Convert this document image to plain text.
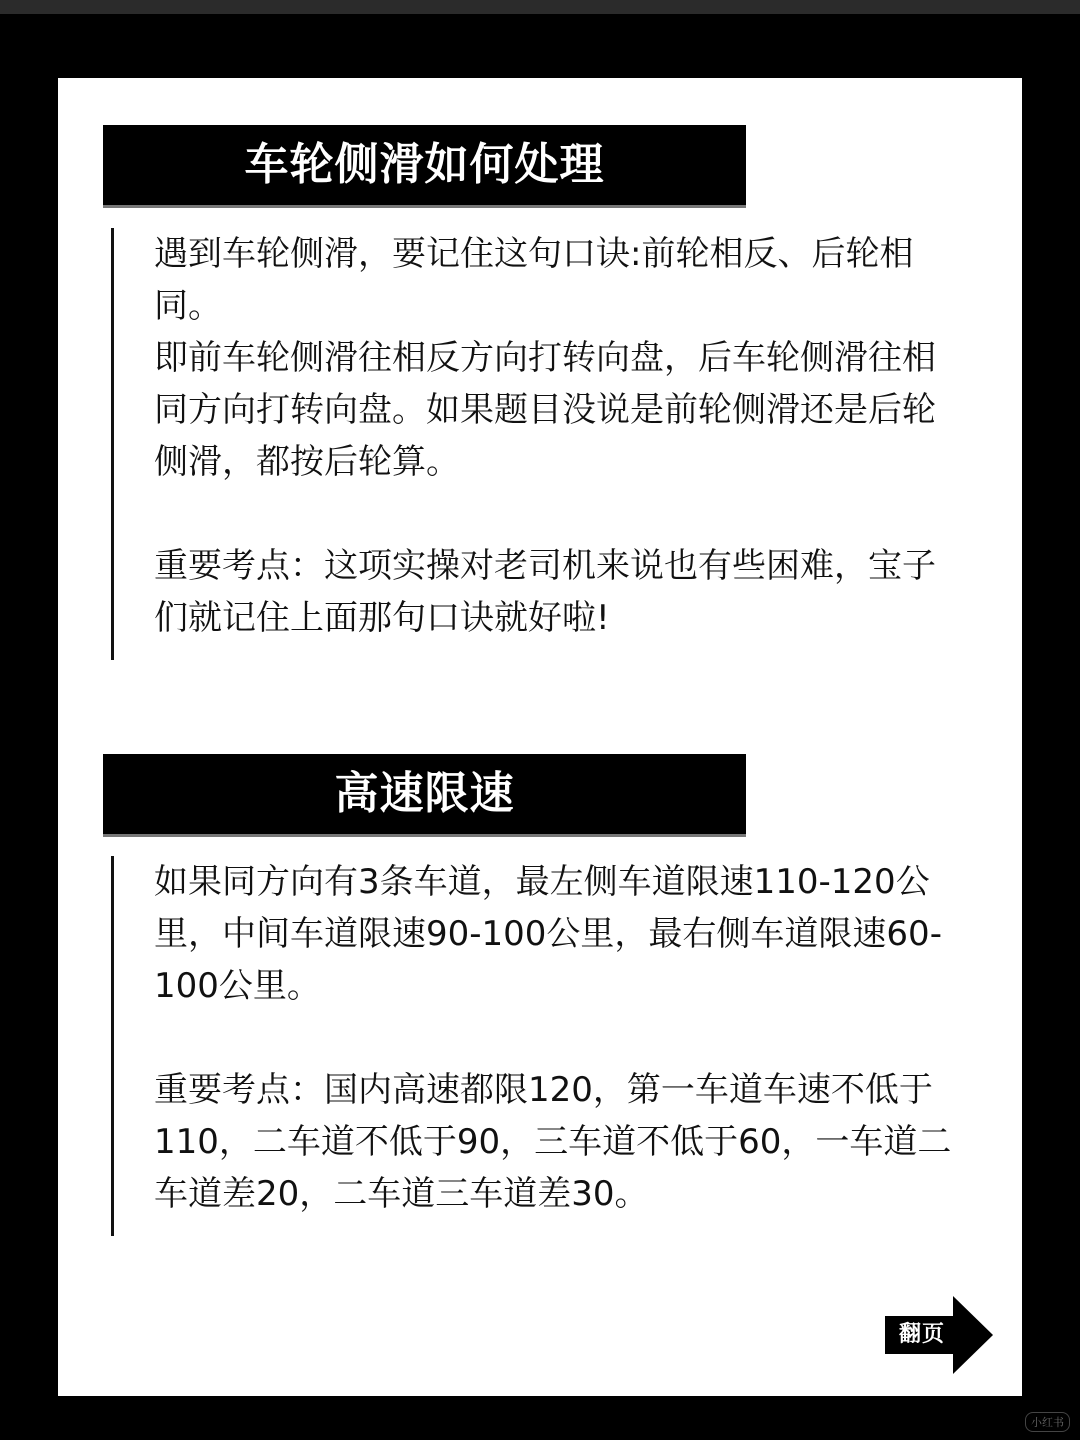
车轮侧滑如何处理

遇到车轮侧滑，要记住这句口诀:前轮相反、后轮相同。

即前车轮侧滑往相反方向打转向盘，后车轮侧滑往相同方向打转向盘。如果题目没说是前轮侧滑还是后轮侧滑，都按后轮算。

重要考点：这项实操对老司机来说也有些困难，宝子们就记住上面那句口诀就好啦!

高速限速

如果同方向有3条车道，最左侧车道限速110-120公里，中间车道限速90-100公里，最右侧车道限速60-100公里。

重要考点：国内高速都限120，第一车道车速不低于110，二车道不低于90，三车道不低于60，一车道二车道差20，二车道三车道差30。

翻页
小红书
